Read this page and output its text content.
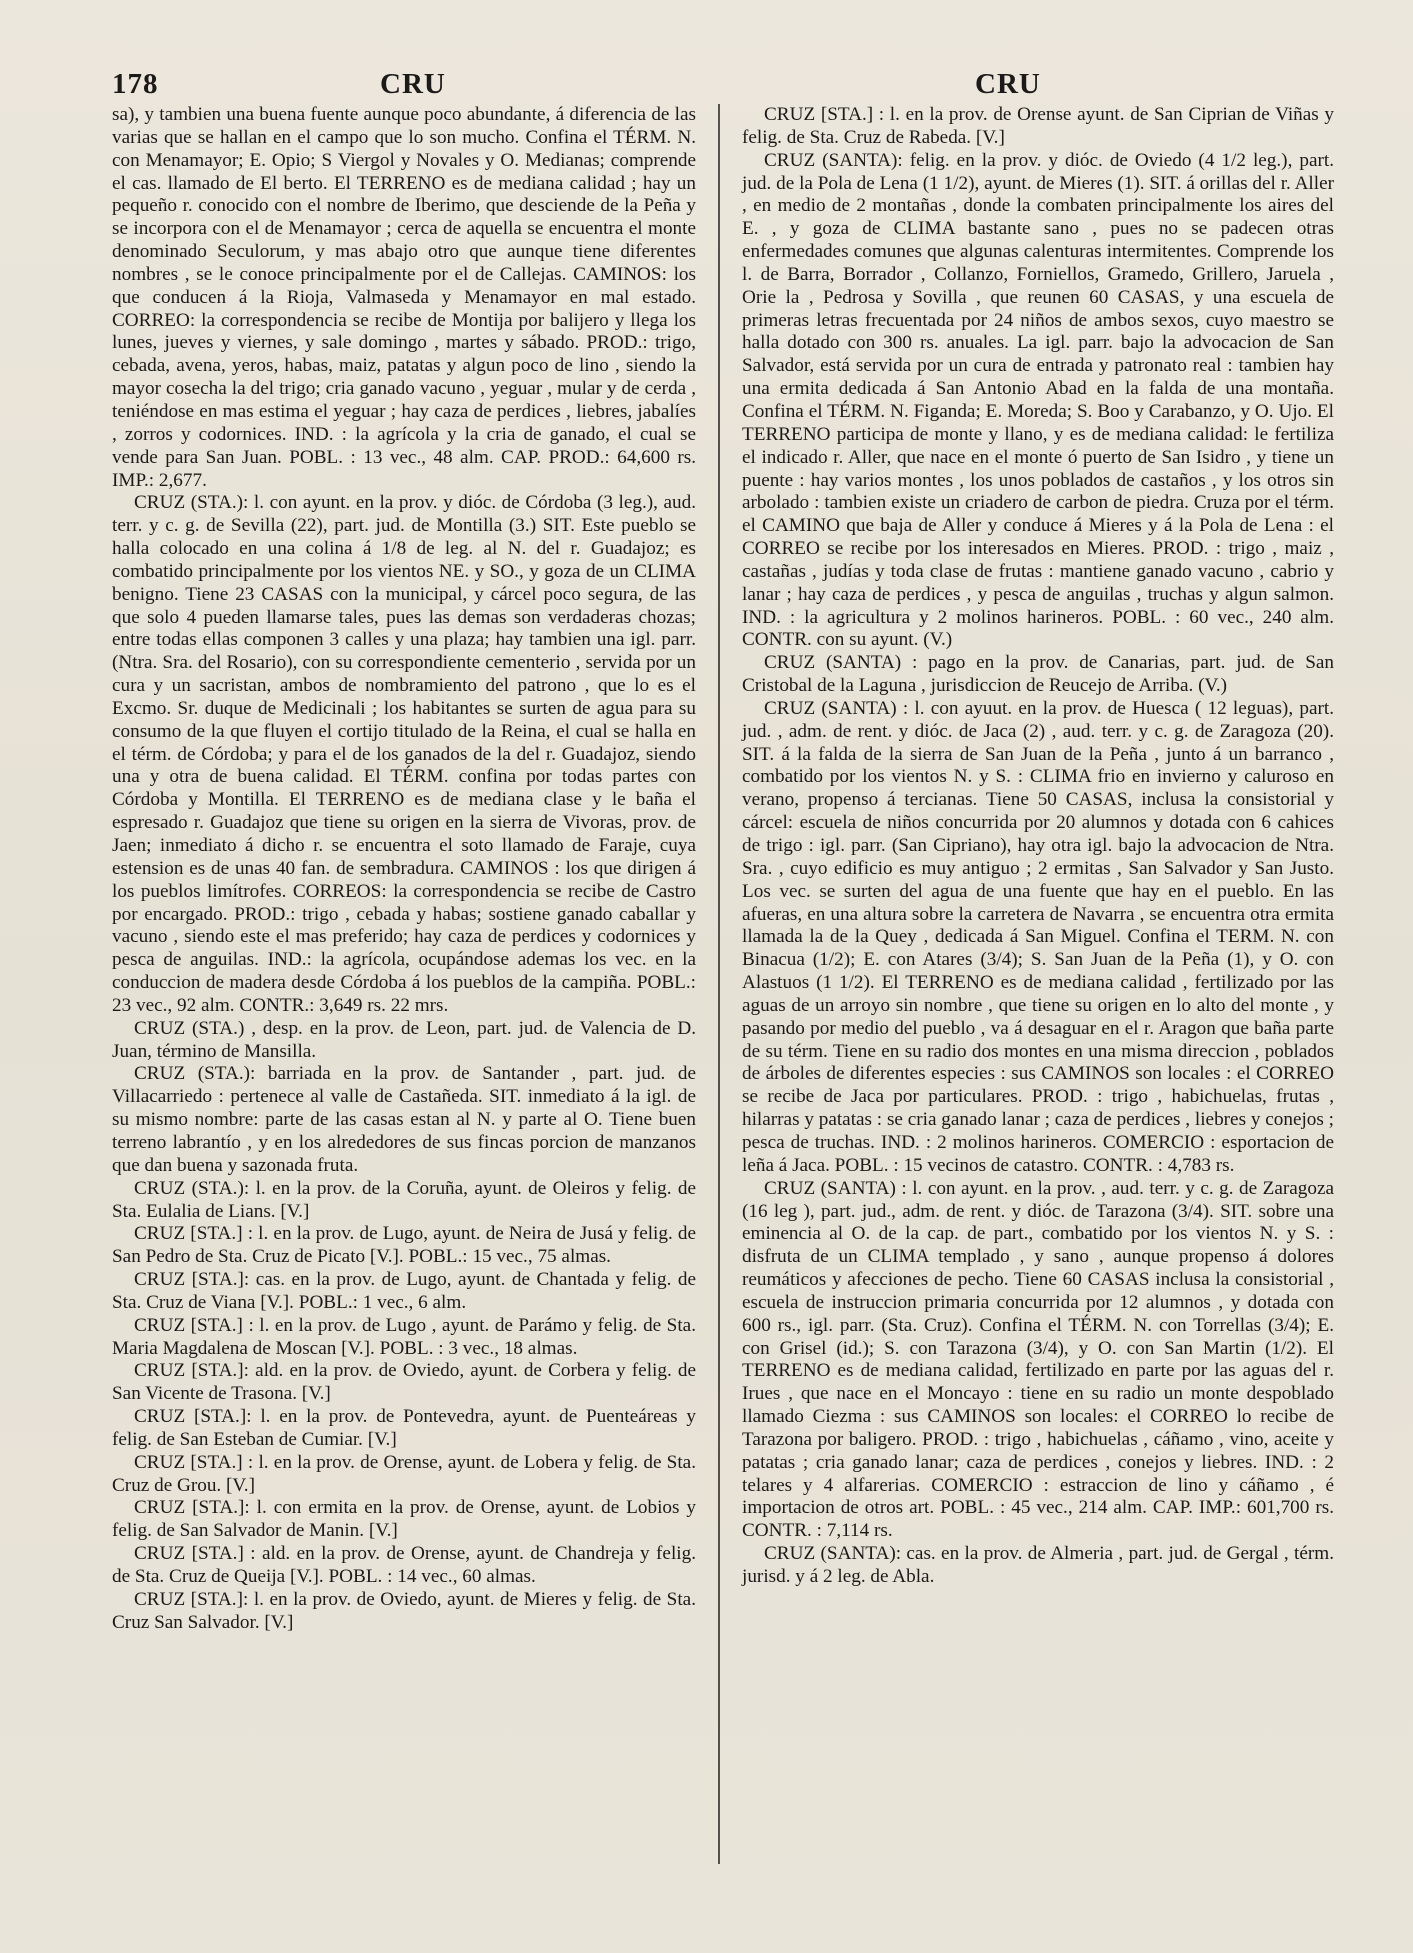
178	CRU	CRU

sa), y tambien una buena fuente aunque poco abundante, á diferencia de las varias que se hallan en el campo que lo son mucho. Confina el TÉRM. N. con Menamayor; E. Opio; S Viergol y Novales y O. Medianas; comprende el cas. llamado de El berto. El TERRENO es de mediana calidad ; hay un pequeño r. conocido con el nombre de Iberimo, que desciende de la Peña y se incorpora con el de Menamayor ; cerca de aquella se encuentra el monte denominado Seculorum, y mas abajo otro que aunque tiene diferentes nombres , se le conoce principalmente por el de Callejas. CAMINOS: los que conducen á la Rioja, Valmaseda y Menamayor en mal estado. CORREO: la correspondencia se recibe de Montija por balijero y llega los lunes, jueves y viernes, y sale domingo , martes y sábado. PROD.: trigo, cebada, avena, yeros, habas, maiz, patatas y algun poco de lino , siendo la mayor cosecha la del trigo; cria ganado vacuno , yeguar , mular y de cerda , teniéndose en mas estima el yeguar ; hay caza de perdices , liebres, jabalíes , zorros y codornices. IND. : la agrícola y la cria de ganado, el cual se vende para San Juan. POBL. : 13 vec., 48 alm. CAP. PROD.: 64,600 rs. IMP.: 2,677.

CRUZ (STA.): l. con ayunt. en la prov. y dióc. de Córdoba (3 leg.), aud. terr. y c. g. de Sevilla (22), part. jud. de Montilla (3.) SIT. Este pueblo se halla colocado en una colina á 1/8 de leg. al N. del r. Guadajoz; es combatido principalmente por los vientos NE. y SO., y goza de un CLIMA benigno. Tiene 23 CASAS con la municipal, y cárcel poco segura, de las que solo 4 pueden llamarse tales, pues las demas son verdaderas chozas; entre todas ellas componen 3 calles y una plaza; hay tambien una igl. parr. (Ntra. Sra. del Rosario), con su correspondiente cementerio , servida por un cura y un sacristan, ambos de nombramiento del patrono , que lo es el Excmo. Sr. duque de Medicinali ; los habitantes se surten de agua para su consumo de la que fluyen el cortijo titulado de la Reina, el cual se halla en el térm. de Córdoba; y para el de los ganados de la del r. Guadajoz, siendo una y otra de buena calidad. El TÉRM. confina por todas partes con Córdoba y Montilla. El TERRENO es de mediana clase y le baña el espresado r. Guadajoz que tiene su origen en la sierra de Vivoras, prov. de Jaen; inmediato á dicho r. se encuentra el soto llamado de Faraje, cuya estension es de unas 40 fan. de sembradura. CAMINOS : los que dirigen á los pueblos limítrofes. CORREOS: la correspondencia se recibe de Castro por encargado. PROD.: trigo , cebada y habas; sostiene ganado caballar y vacuno , siendo este el mas preferido; hay caza de perdices y codornices y pesca de anguilas. IND.: la agrícola, ocupándose ademas los vec. en la conduccion de madera desde Córdoba á los pueblos de la campiña. POBL.: 23 vec., 92 alm. CONTR.: 3,649 rs. 22 mrs.

CRUZ (STA.) , desp. en la prov. de Leon, part. jud. de Valencia de D. Juan, término de Mansilla.

CRUZ (STA.): barriada en la prov. de Santander , part. jud. de Villacarriedo : pertenece al valle de Castañeda. SIT. inmediato á la igl. de su mismo nombre: parte de las casas estan al N. y parte al O. Tiene buen terreno labrantío , y en los alrededores de sus fincas porcion de manzanos que dan buena y sazonada fruta.

CRUZ (STA.): l. en la prov. de la Coruña, ayunt. de Oleiros y felig. de Sta. Eulalia de Lians. [V.]

CRUZ [STA.] : l. en la prov. de Lugo, ayunt. de Neira de Jusá y felig. de San Pedro de Sta. Cruz de Picato [V.]. POBL.: 15 vec., 75 almas.

CRUZ [STA.]: cas. en la prov. de Lugo, ayunt. de Chantada y felig. de Sta. Cruz de Viana [V.]. POBL.: 1 vec., 6 alm.

CRUZ [STA.] : l. en la prov. de Lugo , ayunt. de Parámo y felig. de Sta. Maria Magdalena de Moscan [V.]. POBL. : 3 vec., 18 almas.

CRUZ [STA.]: ald. en la prov. de Oviedo, ayunt. de Corbera y felig. de San Vicente de Trasona. [V.]

CRUZ [STA.]: l. en la prov. de Pontevedra, ayunt. de Puenteáreas y felig. de San Esteban de Cumiar. [V.]

CRUZ [STA.] : l. en la prov. de Orense, ayunt. de Lobera y felig. de Sta. Cruz de Grou. [V.]

CRUZ [STA.]: l. con ermita en la prov. de Orense, ayunt. de Lobios y felig. de San Salvador de Manin. [V.]

CRUZ [STA.] : ald. en la prov. de Orense, ayunt. de Chandreja y felig. de Sta. Cruz de Queija [V.]. POBL. : 14 vec., 60 almas.

CRUZ [STA.]: l. en la prov. de Oviedo, ayunt. de Mieres y felig. de Sta. Cruz San Salvador. [V.]

CRUZ [STA.] : l. en la prov. de Orense ayunt. de San Ciprian de Viñas y felig. de Sta. Cruz de Rabeda. [V.]

CRUZ (SANTA): felig. en la prov. y dióc. de Oviedo (4 1/2 leg.), part. jud. de la Pola de Lena (1 1/2), ayunt. de Mieres (1). SIT. á orillas del r. Aller , en medio de 2 montañas , donde la combaten principalmente los aires del E. , y goza de CLIMA bastante sano , pues no se padecen otras enfermedades comunes que algunas calenturas intermitentes. Comprende los l. de Barra, Borrador , Collanzo, Forniellos, Gramedo, Grillero, Jaruela , Orie la , Pedrosa y Sovilla , que reunen 60 CASAS, y una escuela de primeras letras frecuentada por 24 niños de ambos sexos, cuyo maestro se halla dotado con 300 rs. anuales. La igl. parr. bajo la advocacion de San Salvador, está servida por un cura de entrada y patronato real : tambien hay una ermita dedicada á San Antonio Abad en la falda de una montaña. Confina el TÉRM. N. Figanda; E. Moreda; S. Boo y Carabanzo, y O. Ujo. El TERRENO participa de monte y llano, y es de mediana calidad: le fertiliza el indicado r. Aller, que nace en el monte ó puerto de San Isidro , y tiene un puente : hay varios montes , los unos poblados de castaños , y los otros sin arbolado : tambien existe un criadero de carbon de piedra. Cruza por el térm. el CAMINO que baja de Aller y conduce á Mieres y á la Pola de Lena : el CORREO se recibe por los interesados en Mieres. PROD. : trigo , maiz , castañas , judías y toda clase de frutas : mantiene ganado vacuno , cabrio y lanar ; hay caza de perdices , y pesca de anguilas , truchas y algun salmon. IND. : la agricultura y 2 molinos harineros. POBL. : 60 vec., 240 alm. CONTR. con su ayunt. (V.)

CRUZ (SANTA) : pago en la prov. de Canarias, part. jud. de San Cristobal de la Laguna , jurisdiccion de Reucejo de Arriba. (V.)

CRUZ (SANTA) : l. con ayuut. en la prov. de Huesca ( 12 leguas), part. jud. , adm. de rent. y dióc. de Jaca (2) , aud. terr. y c. g. de Zaragoza (20). SIT. á la falda de la sierra de San Juan de la Peña , junto á un barranco , combatido por los vientos N. y S. : CLIMA frio en invierno y caluroso en verano, propenso á tercianas. Tiene 50 CASAS, inclusa la consistorial y cárcel: escuela de niños concurrida por 20 alumnos y dotada con 6 cahices de trigo : igl. parr. (San Cipriano), hay otra igl. bajo la advocacion de Ntra. Sra. , cuyo edificio es muy antiguo ; 2 ermitas , San Salvador y San Justo. Los vec. se surten del agua de una fuente que hay en el pueblo. En las afueras, en una altura sobre la carretera de Navarra , se encuentra otra ermita llamada la de la Quey , dedicada á San Miguel. Confina el TERM. N. con Binacua (1/2); E. con Atares (3/4); S. San Juan de la Peña (1), y O. con Alastuos (1 1/2). El TERRENO es de mediana calidad , fertilizado por las aguas de un arroyo sin nombre , que tiene su origen en lo alto del monte , y pasando por medio del pueblo , va á desaguar en el r. Aragon que baña parte de su térm. Tiene en su radio dos montes en una misma direccion , poblados de árboles de diferentes especies : sus CAMINOS son locales : el CORREO se recibe de Jaca por particulares. PROD. : trigo , habichuelas, frutas , hilarras y patatas : se cria ganado lanar ; caza de perdices , liebres y conejos ; pesca de truchas. IND. : 2 molinos harineros. COMERCIO : esportacion de leña á Jaca. POBL. : 15 vecinos de catastro. CONTR. : 4,783 rs.

CRUZ (SANTA) : l. con ayunt. en la prov. , aud. terr. y c. g. de Zaragoza (16 leg ), part. jud., adm. de rent. y dióc. de Tarazona (3/4). SIT. sobre una eminencia al O. de la cap. de part., combatido por los vientos N. y S. : disfruta de un CLIMA templado , y sano , aunque propenso á dolores reumáticos y afecciones de pecho. Tiene 60 CASAS inclusa la consistorial , escuela de instruccion primaria concurrida por 12 alumnos , y dotada con 600 rs., igl. parr. (Sta. Cruz). Confina el TÉRM. N. con Torrellas (3/4); E. con Grisel (id.); S. con Tarazona (3/4), y O. con San Martin (1/2). El TERRENO es de mediana calidad, fertilizado en parte por las aguas del r. Irues , que nace en el Moncayo : tiene en su radio un monte despoblado llamado Ciezma : sus CAMINOS son locales: el CORREO lo recibe de Tarazona por baligero. PROD. : trigo , habichuelas , cáñamo , vino, aceite y patatas ; cria ganado lanar; caza de perdices , conejos y liebres. IND. : 2 telares y 4 alfarerias. COMERCIO : estraccion de lino y cáñamo , é importacion de otros art. POBL. : 45 vec., 214 alm. CAP. IMP.: 601,700 rs. CONTR. : 7,114 rs.

CRUZ (SANTA): cas. en la prov. de Almeria , part. jud. de Gergal , térm. jurisd. y á 2 leg. de Abla.
